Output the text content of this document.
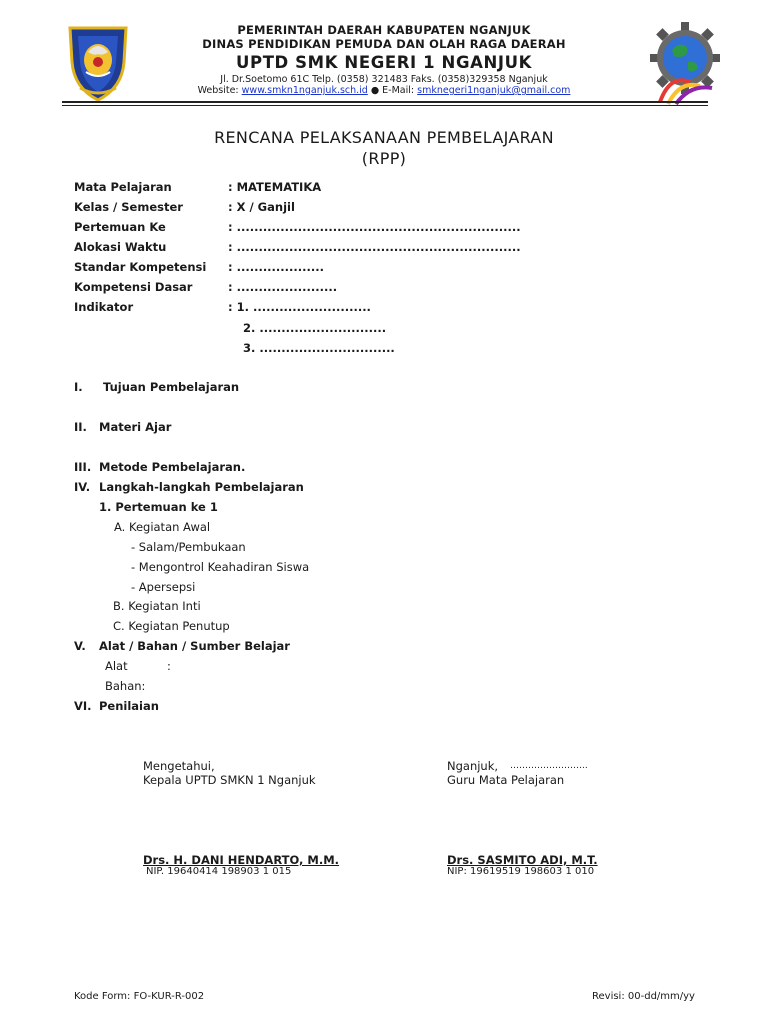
PEMERINTAH DAERAH KABUPATEN NGANJUK
DINAS PENDIDIKAN PEMUDA DAN OLAH RAGA DAERAH
UPTD SMK NEGERI 1 NGANJUK
Jl. Dr.Soetomo 61C Telp. (0358) 321483 Faks. (0358)329358 Nganjuk
Website: www.smkn1nganjuk.sch.id ● E-Mail: smknegeri1nganjuk@gmail.com
RENCANA PELAKSANAAN PEMBELAJARAN
(RPP)
Mata Pelajaran	: MATEMATIKA
Kelas / Semester	: X / Ganjil
Pertemuan Ke	: .................................................................
Alokasi Waktu	: .................................................................
Standar Kompetensi : ....................
Kompetensi Dasar	: .......................
Indikator	: 1. ...........................
2. .............................
3. ...............................
I. Tujuan Pembelajaran
II. Materi Ajar
III. Metode Pembelajaran.
IV. Langkah-langkah Pembelajaran
1. Pertemuan ke 1
A. Kegiatan Awal
- Salam/Pembukaan
- Mengontrol Keahadiran Siswa
- Apersepsi
B. Kegiatan Inti
C. Kegiatan Penutup
V. Alat / Bahan / Sumber Belajar
Alat	:
Bahan:
VI. Penilaian
Mengetahui,
Kepala UPTD SMKN 1 Nganjuk
Drs. H. DANI HENDARTO, M.M.
NIP. 19640414 198903 1 015
Nganjuk, ……………………..
Guru Mata Pelajaran
Drs. SASMITO ADI, M.T.
NIP: 19619519 198603 1 010
Kode Form: FO-KUR-R-002	Revisi: 00-dd/mm/yy
